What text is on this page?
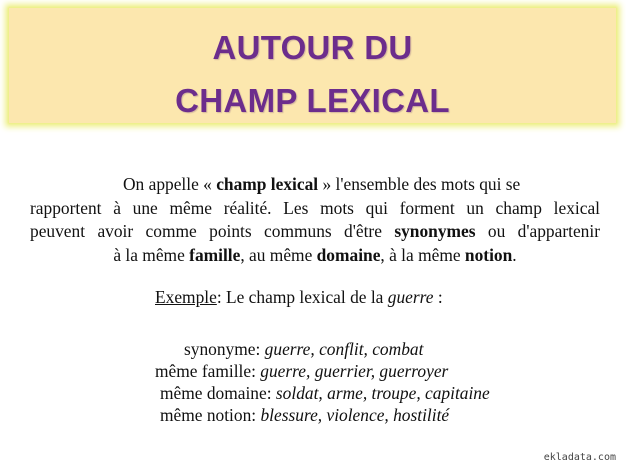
AUTOUR DU
CHAMP LEXICAL
On appelle « champ lexical » l'ensemble des mots qui se
rapportent à une même réalité. Les mots qui forment un champ lexical
peuvent avoir comme points communs d'être synonymes ou d'appartenir
à la même famille, au même domaine, à la même notion.
Exemple: Le champ lexical de la guerre :
synonyme: guerre, conflit, combat
même famille: guerre, guerrier, guerroyer
même domaine: soldat, arme, troupe, capitaine
même notion: blessure, violence, hostilité
ekladata.com
